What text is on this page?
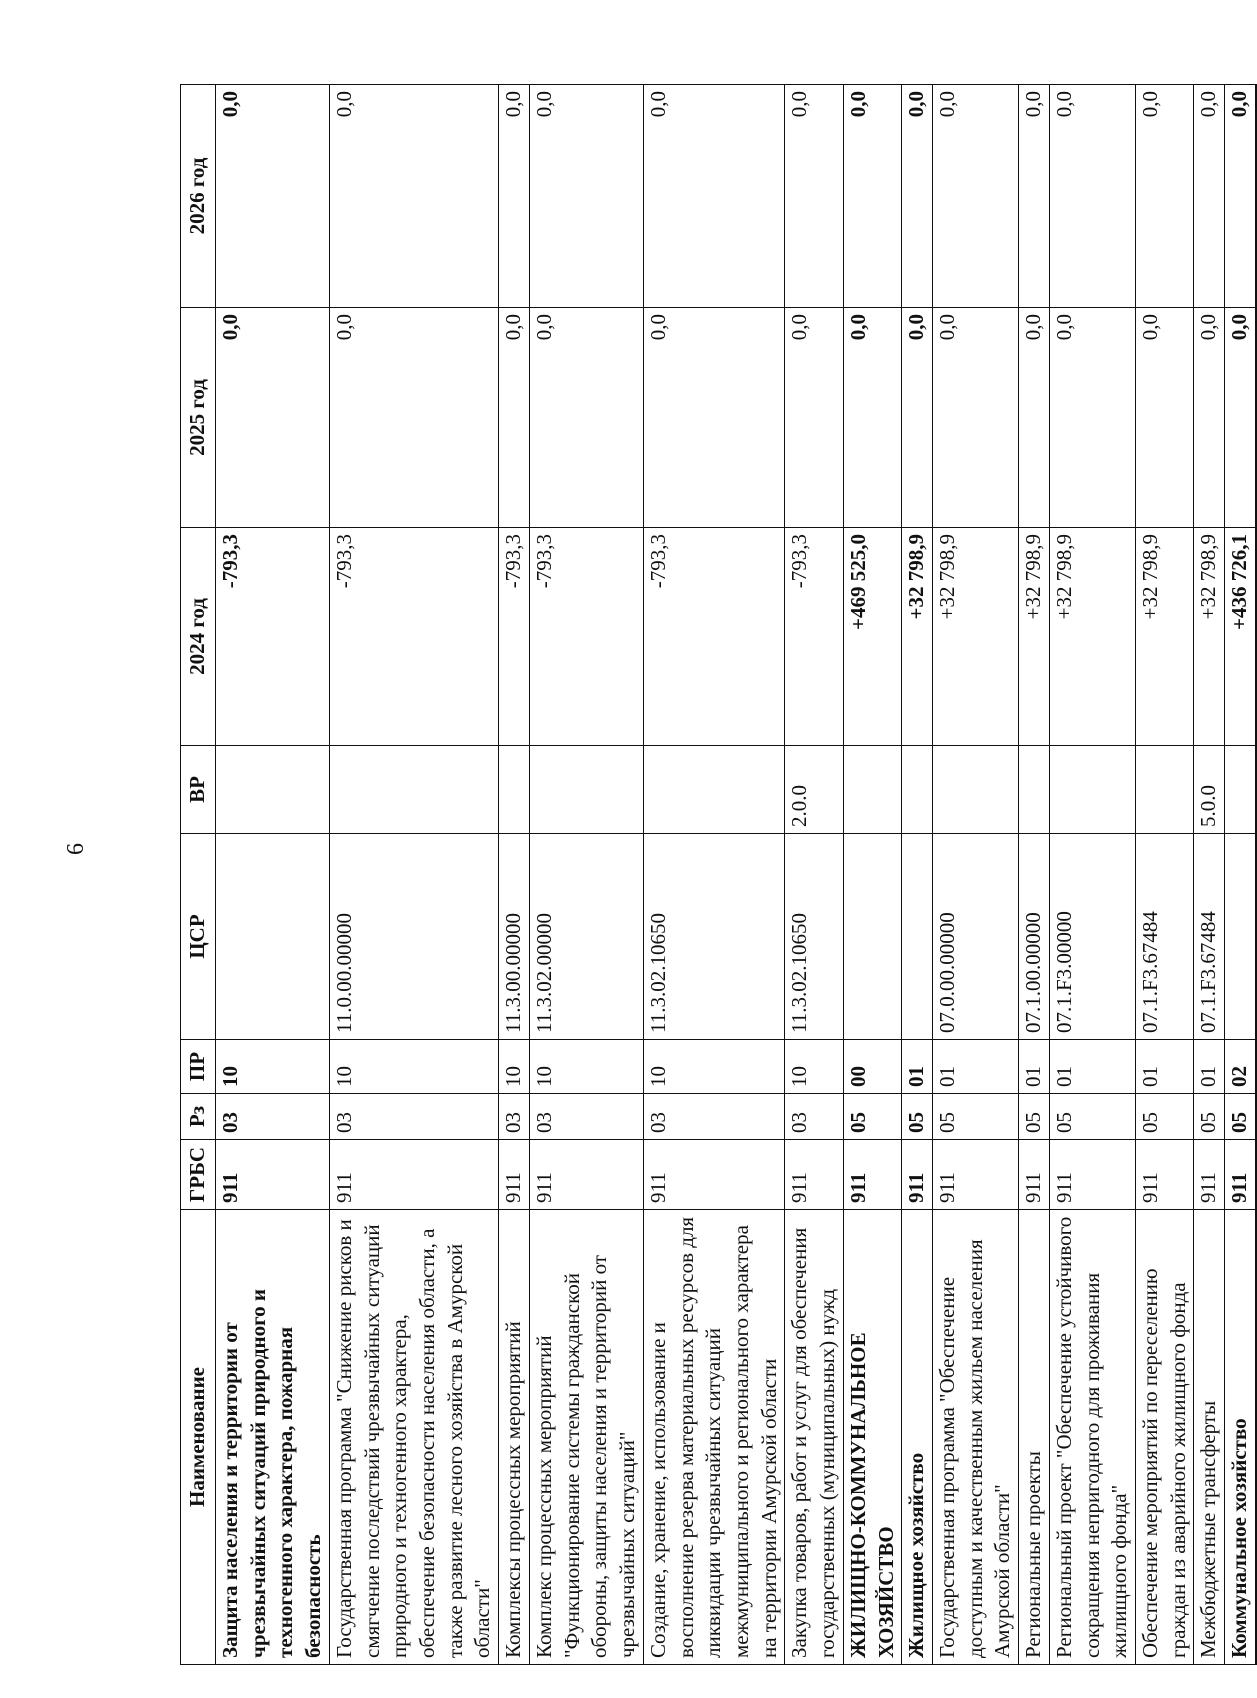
6
Наименование	ГРБС	Рз	ПР	ЦСР	ВР	2024 год	2025 год	2026 год
Защита населения и территории от чрезвычайных ситуаций природного и техногенного характера, пожарная безопасность	911	03	10			-793,3	0,0	0,0
Государственная программа "Снижение рисков и смягчение последствий чрезвычайных ситуаций природного и техногенного характера, обеспечение безопасности населения области, а также развитие лесного хозяйства в Амурской области"	911	03	10	11.0.00.00000		-793,3	0,0	0,0
Комплексы процессных мероприятий	911	03	10	11.3.00.00000		-793,3	0,0	0,0
Комплекс процессных мероприятий "Функционирование системы гражданской обороны, защиты населения и территорий от чрезвычайных ситуаций"	911	03	10	11.3.02.00000		-793,3	0,0	0,0
Создание, хранение, использование и восполнение резерва материальных ресурсов для ликвидации чрезвычайных ситуаций межмуниципального и регионального характера на территории Амурской области	911	03	10	11.3.02.10650		-793,3	0,0	0,0
Закупка товаров, работ и услуг для обеспечения государственных (муниципальных) нужд	911	03	10	11.3.02.10650	2.0.0	-793,3	0,0	0,0
ЖИЛИЩНО-КОММУНАЛЬНОЕ ХОЗЯЙСТВО	911	05	00			+469 525,0	0,0	0,0
Жилищное хозяйство	911	05	01			+32 798,9	0,0	0,0
Государственная программа "Обеспечение доступным и качественным жильем населения Амурской области"	911	05	01	07.0.00.00000		+32 798,9	0,0	0,0
Региональные проекты	911	05	01	07.1.00.00000		+32 798,9	0,0	0,0
Региональный проект "Обеспечение устойчивого сокращения непригодного для проживания жилищного фонда"	911	05	01	07.1.F3.00000		+32 798,9	0,0	0,0
Обеспечение мероприятий по переселению граждан из аварийного жилищного фонда	911	05	01	07.1.F3.67484		+32 798,9	0,0	0,0
Межбюджетные трансферты	911	05	01	07.1.F3.67484	5.0.0	+32 798,9	0,0	0,0
Коммунальное хозяйство	911	05	02			+436 726,1	0,0	0,0
